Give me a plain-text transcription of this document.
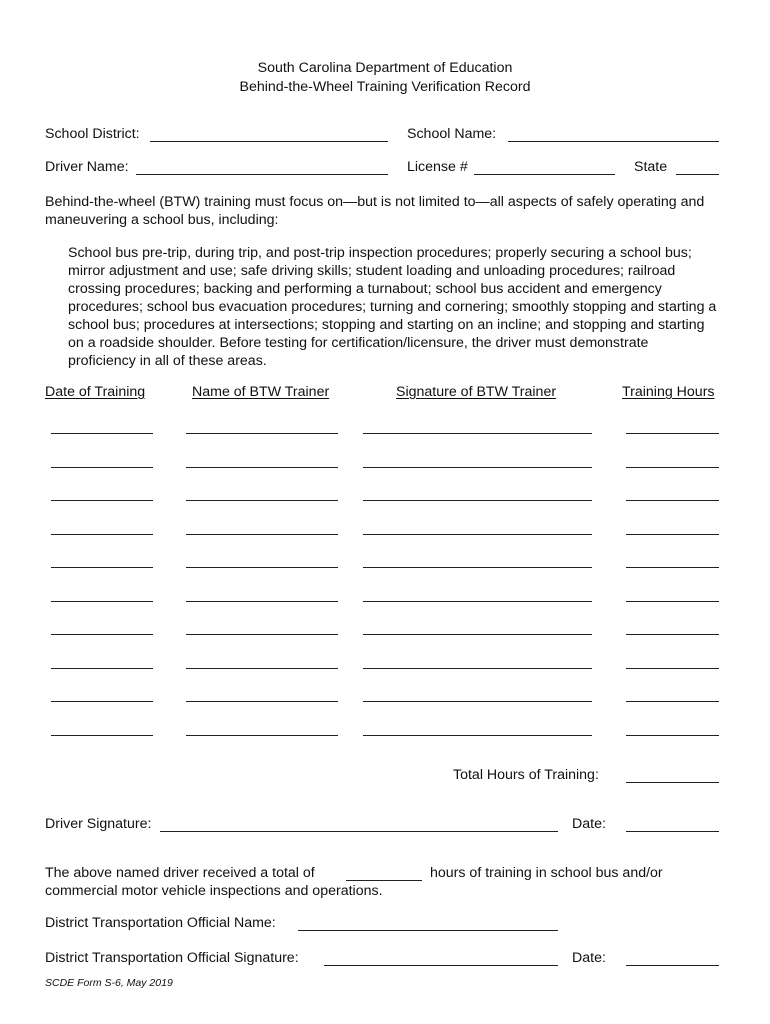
South Carolina Department of Education
Behind-the-Wheel Training Verification Record
School District:	School Name:
Driver Name:	License #	State
Behind-the-wheel (BTW) training must focus on—but is not limited to—all aspects of safely operating and maneuvering a school bus, including:
School bus pre-trip, during trip, and post-trip inspection procedures; properly securing a school bus; mirror adjustment and use; safe driving skills; student loading and unloading procedures; railroad crossing procedures; backing and performing a turnabout; school bus accident and emergency procedures; school bus evacuation procedures; turning and cornering; smoothly stopping and starting a school bus; procedures at intersections; stopping and starting on an incline; and stopping and starting on a roadside shoulder. Before testing for certification/licensure, the driver must demonstrate proficiency in all of these areas.
Date of Training	Name of BTW Trainer	Signature of BTW Trainer	Training Hours
Total Hours of Training:
Driver Signature:	Date:
The above named driver received a total of	hours of training in school bus and/or
commercial motor vehicle inspections and operations.
District Transportation Official Name:
District Transportation Official Signature:	Date:
SCDE Form S-6, May 2019
